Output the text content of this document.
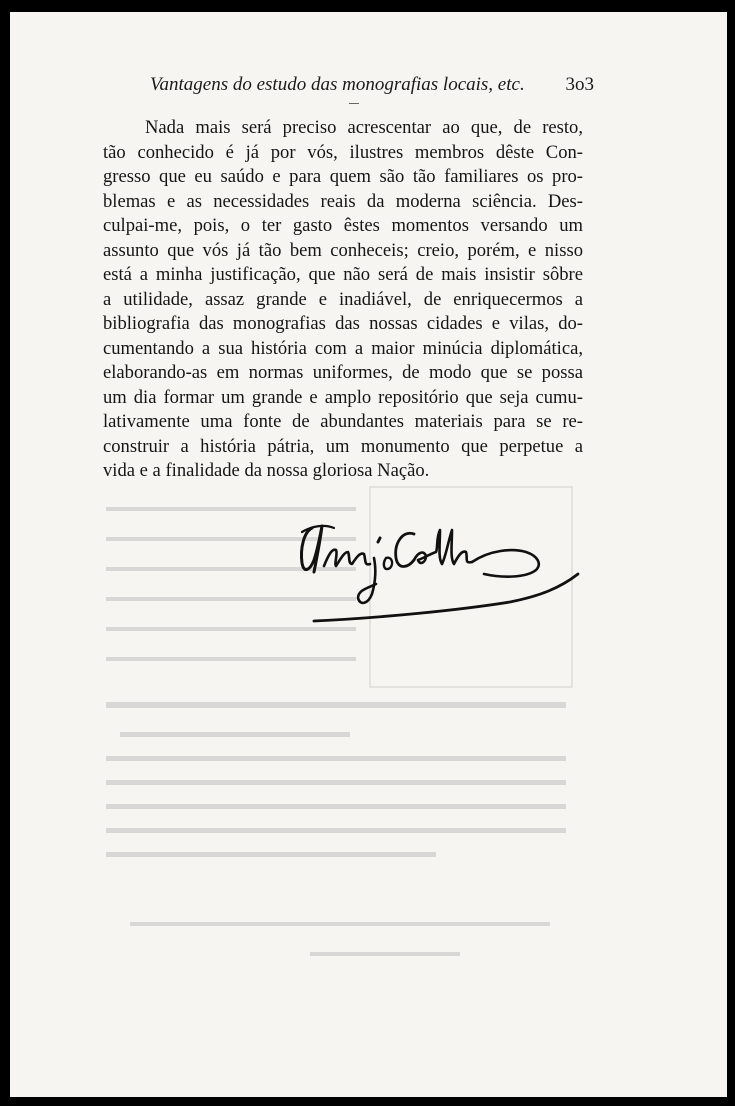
Vantagens do estudo das monografias locais, etc. 3o3
Nada mais será preciso acrescentar ao que, de resto,
tão conhecido é já por vós, ilustres membros dêste Con-
gresso que eu saúdo e para quem são tão familiares os pro-
blemas e as necessidades reais da moderna sciência. Des-
culpai-me, pois, o ter gasto êstes momentos versando um
assunto que vós já tão bem conheceis; creio, porém, e nisso
está a minha justificação, que não será de mais insistir sôbre
a utilidade, assaz grande e inadiável, de enriquecermos a
bibliografia das monografias das nossas cidades e vilas, do-
cumentando a sua história com a maior minúcia diplomática,
elaborando-as em normas uniformes, de modo que se possa
um dia formar um grande e amplo repositório que seja cumu-
lativamente uma fonte de abundantes materiais para se re-
construir a história pátria, um monumento que perpetue a
vida e a finalidade da nossa gloriosa Nação.
